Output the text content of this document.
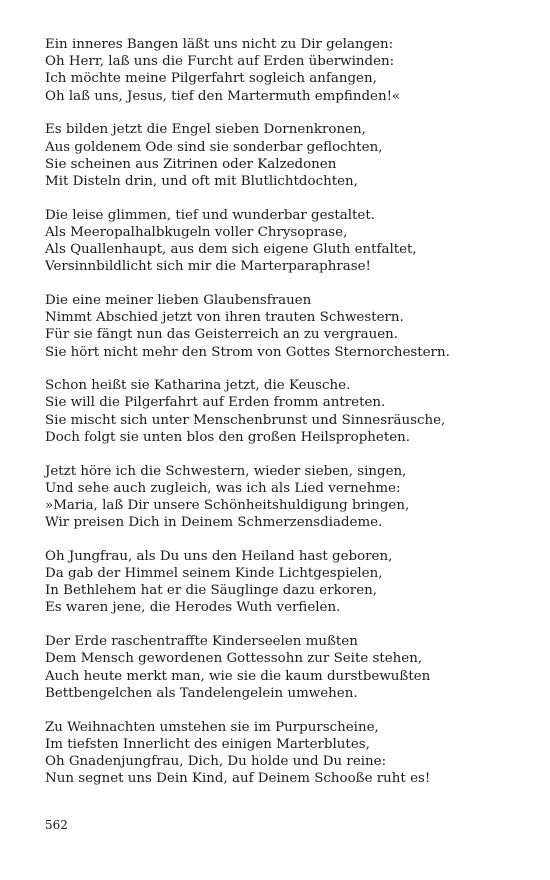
Ein inneres Bangen läßt uns nicht zu Dir gelangen:
Oh Herr, laß uns die Furcht auf Erden überwinden:
Ich möchte meine Pilgerfahrt sogleich anfangen,
Oh laß uns, Jesus, tief den Martermuth empfinden!«
Es bilden jetzt die Engel sieben Dornenkronen,
Aus goldenem Ode sind sie sonderbar geflochten,
Sie scheinen aus Zitrinen oder Kalzedonen
Mit Disteln drin, und oft mit Blutlichtdochten,
Die leise glimmen, tief und wunderbar gestaltet.
Als Meeropalhalbkugeln voller Chrysoprase,
Als Quallenhaupt, aus dem sich eigene Gluth entfaltet,
Versinnbildlicht sich mir die Marterparaphrase!
Die eine meiner lieben Glaubensfrauen
Nimmt Abschied jetzt von ihren trauten Schwestern.
Für sie fängt nun das Geisterreich an zu vergrauen.
Sie hört nicht mehr den Strom von Gottes Sternorchestern.
Schon heißt sie Katharina jetzt, die Keusche.
Sie will die Pilgerfahrt auf Erden fromm antreten.
Sie mischt sich unter Menschenbrunst und Sinnesräusche,
Doch folgt sie unten blos den großen Heilspropheten.
Jetzt höre ich die Schwestern, wieder sieben, singen,
Und sehe auch zugleich, was ich als Lied vernehme:
»Maria, laß Dir unsere Schönheitshuldigung bringen,
Wir preisen Dich in Deinem Schmerzensdiademe.
Oh Jungfrau, als Du uns den Heiland hast geboren,
Da gab der Himmel seinem Kinde Lichtgespielen,
In Bethlehem hat er die Säuglinge dazu erkoren,
Es waren jene, die Herodes Wuth verfielen.
Der Erde raschentraffte Kinderseelen mußten
Dem Mensch gewordenen Gottessohn zur Seite stehen,
Auch heute merkt man, wie sie die kaum durstbewußten
Bettbengelchen als Tandelengelein umwehen.
Zu Weihnachten umstehen sie im Purpurscheine,
Im tiefsten Innerlicht des einigen Marterblutes,
Oh Gnadenjungfrau, Dich, Du holde und Du reine:
Nun segnet uns Dein Kind, auf Deinem Schooße ruht es!
562
